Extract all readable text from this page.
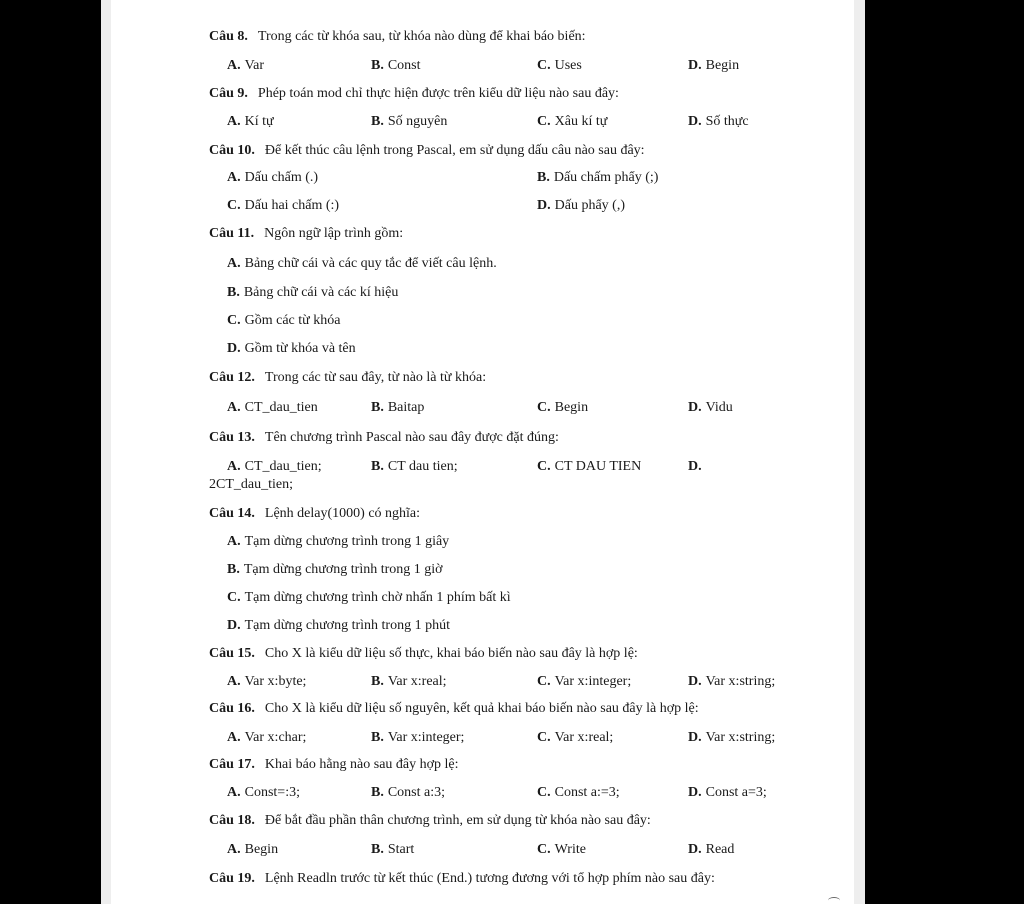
Câu 8. Trong các từ khóa sau, từ khóa nào dùng để khai báo biến:
A. Var	B. Const	C. Uses	D. Begin
Câu 9. Phép toán mod chỉ thực hiện được trên kiểu dữ liệu nào sau đây:
A. Kí tự	B. Số nguyên	C. Xâu kí tự	D. Số thực
Câu 10. Để kết thúc câu lệnh trong Pascal, em sử dụng dấu câu nào sau đây:
A. Dấu chấm (.)	B. Dấu chấm phẩy (;)
C. Dấu hai chấm (:)	D. Dấu phẩy (,)
Câu 11. Ngôn ngữ lập trình gồm:
A. Bảng chữ cái và các quy tắc để viết câu lệnh.
B. Bảng chữ cái và các kí hiệu
C. Gồm các từ khóa
D. Gồm từ khóa và tên
Câu 12. Trong các từ sau đây, từ nào là từ khóa:
A. CT_dau_tien	B. Baitap	C. Begin	D. Vidu
Câu 13. Tên chương trình Pascal nào sau đây được đặt đúng:
A. CT_dau_tien;	B. CT dau tien;	C. CT DAU TIEN	D.
2CT_dau_tien;
Câu 14. Lệnh delay(1000) có nghĩa:
A. Tạm dừng chương trình trong 1 giây
B. Tạm dừng chương trình trong 1 giờ
C. Tạm dừng chương trình chờ nhấn 1 phím bất kì
D. Tạm dừng chương trình trong 1 phút
Câu 15. Cho X là kiểu dữ liệu số thực, khai báo biến nào sau đây là hợp lệ:
A. Var x:byte;	B. Var x:real;	C. Var x:integer;	D. Var x:string;
Câu 16. Cho X là kiểu dữ liệu số nguyên, kết quả khai báo biến nào sau đây là hợp lệ:
A. Var x:char;	B. Var x:integer;	C. Var x:real;	D. Var x:string;
Câu 17. Khai báo hằng nào sau đây hợp lệ:
A. Const=:3;	B. Const a:3;	C. Const a:=3;	D. Const a=3;
Câu 18. Để bắt đầu phần thân chương trình, em sử dụng từ khóa nào sau đây:
A. Begin	B. Start	C. Write	D. Read
Câu 19. Lệnh Readln trước từ kết thúc (End.) tương đương với tổ hợp phím nào sau đây:
